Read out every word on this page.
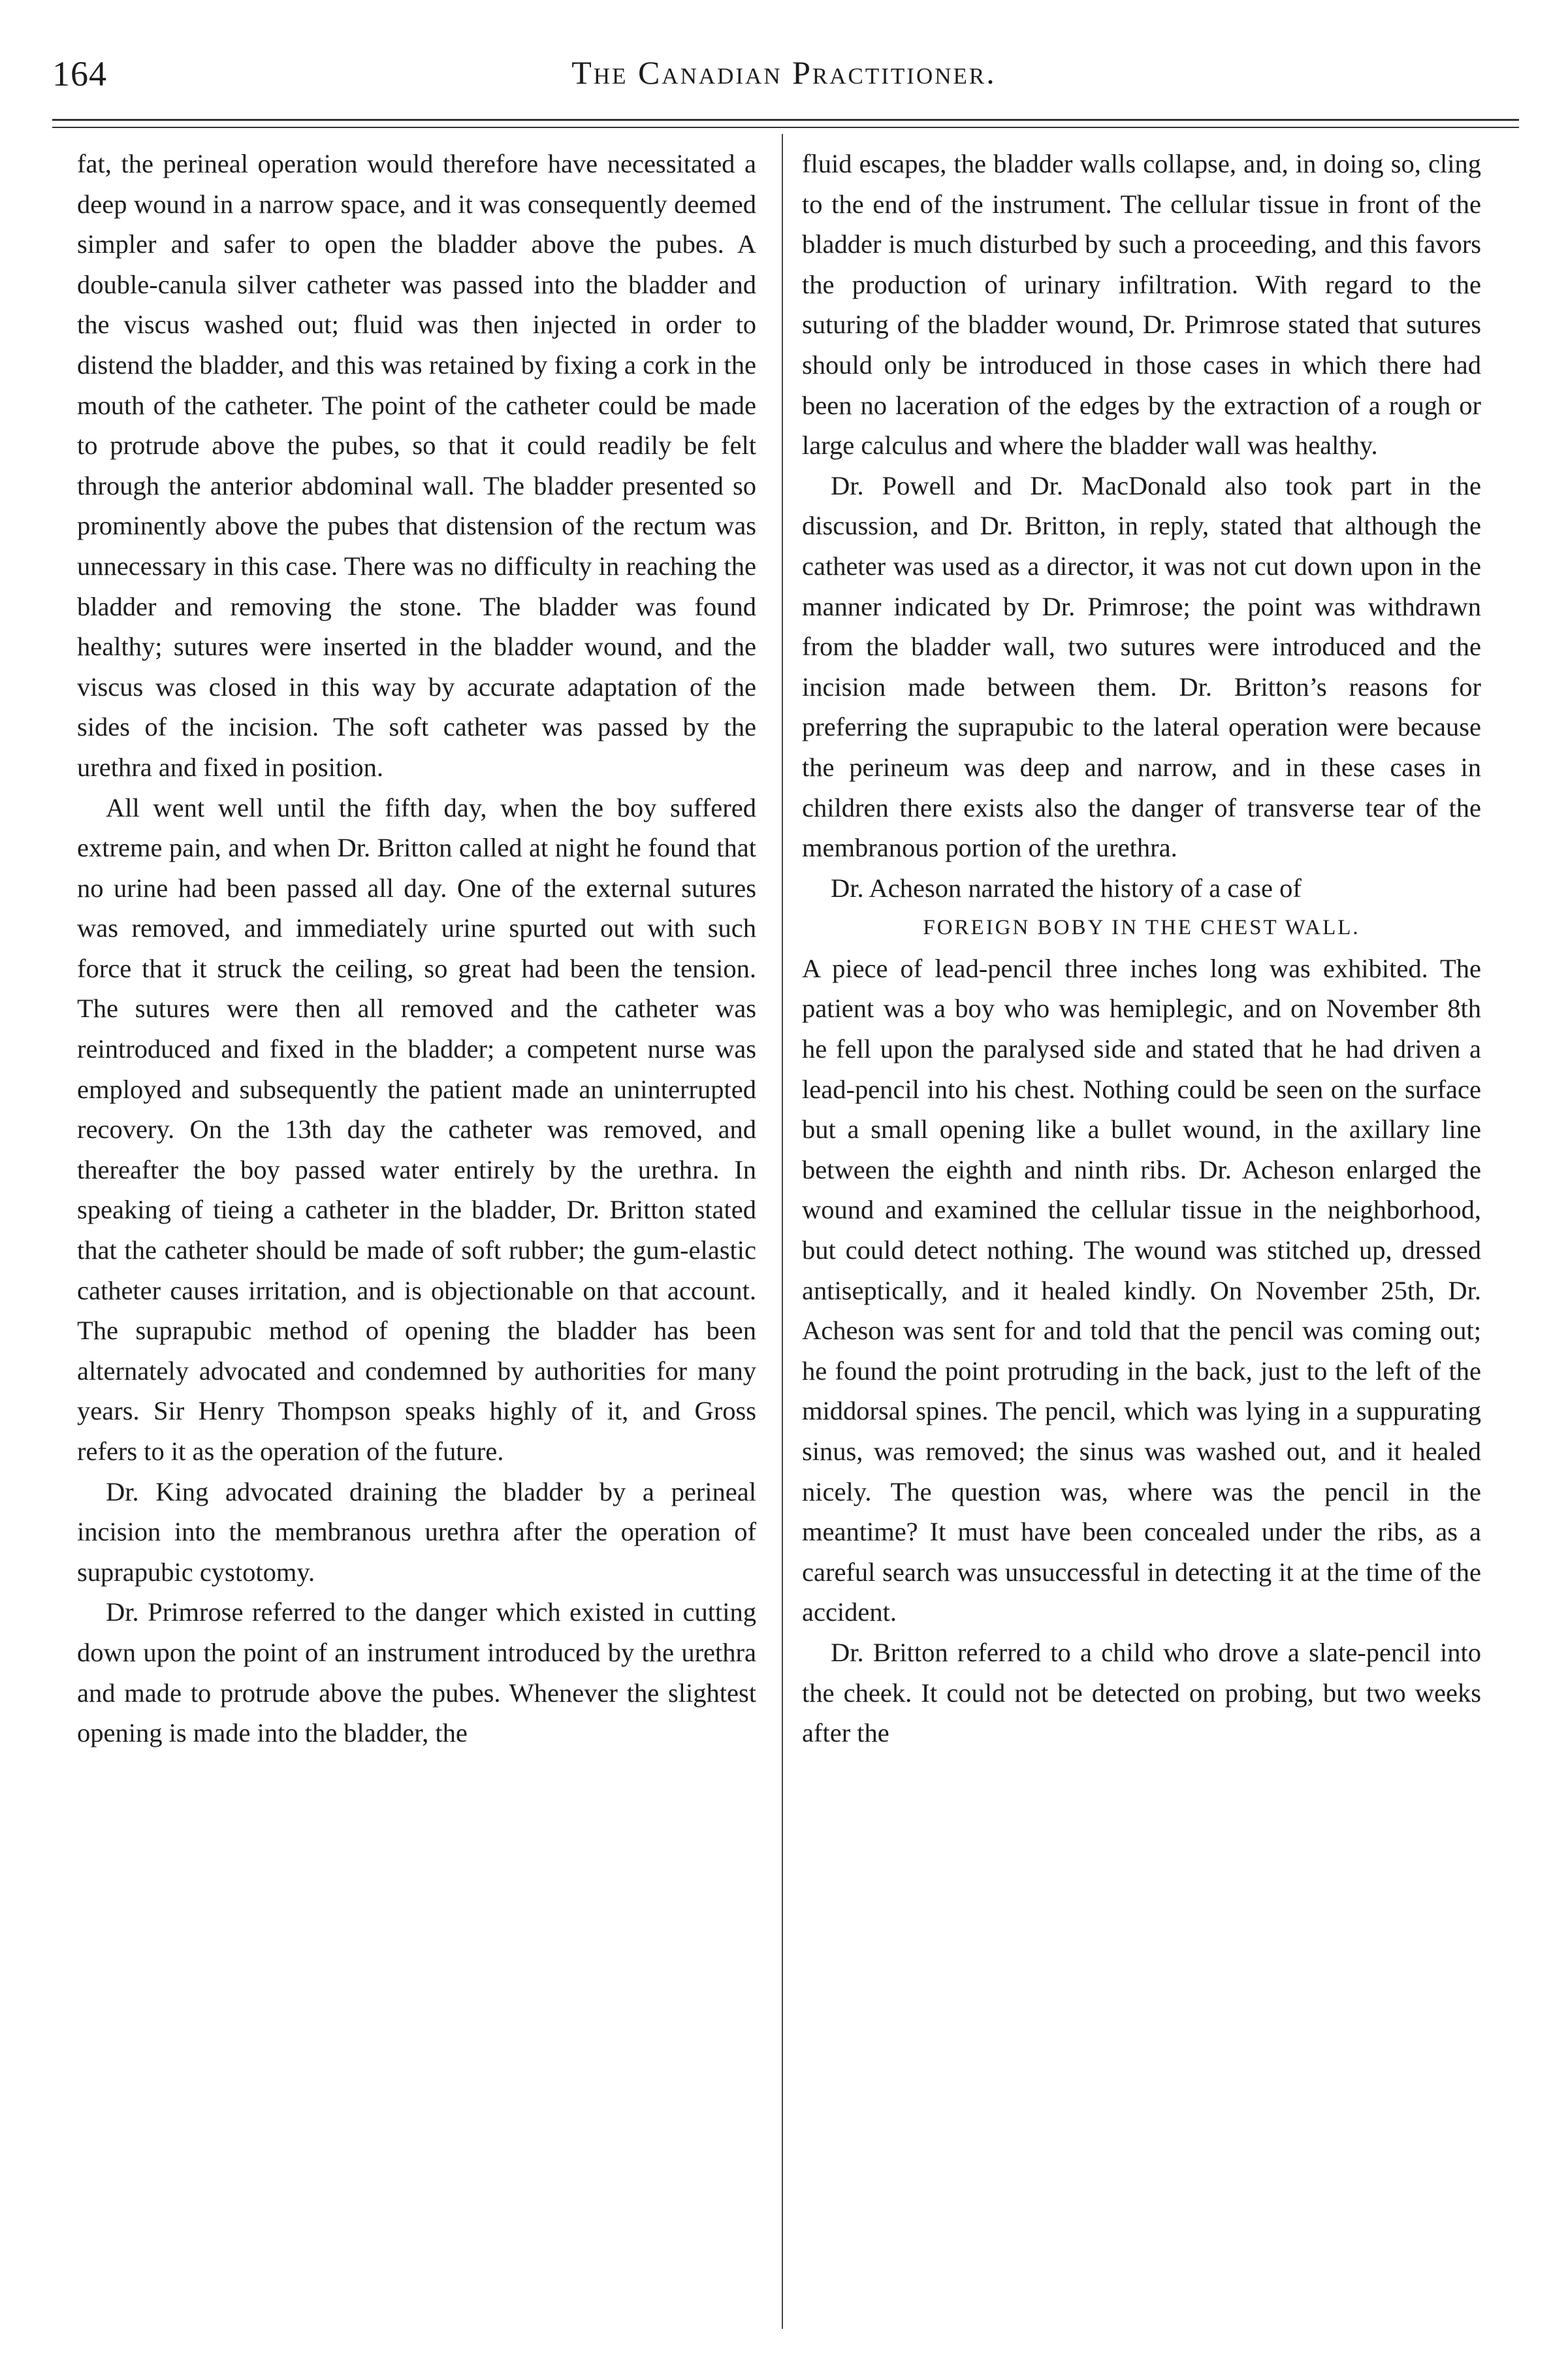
164	The Canadian Practitioner.

fat, the perineal operation would therefore have necessitated a deep wound in a narrow space, and it was consequently deemed simpler and safer to open the bladder above the pubes. A double-canula silver catheter was passed into the bladder and the viscus washed out; fluid was then injected in order to distend the bladder, and this was retained by fixing a cork in the mouth of the catheter. The point of the catheter could be made to protrude above the pubes, so that it could readily be felt through the anterior abdominal wall. The bladder presented so prominently above the pubes that distension of the rectum was unnecessary in this case. There was no difficulty in reaching the bladder and removing the stone. The bladder was found healthy; sutures were inserted in the bladder wound, and the viscus was closed in this way by accurate adaptation of the sides of the incision. The soft catheter was passed by the urethra and fixed in position.

All went well until the fifth day, when the boy suffered extreme pain, and when Dr. Britton called at night he found that no urine had been passed all day. One of the external sutures was removed, and immediately urine spurted out with such force that it struck the ceiling, so great had been the tension. The sutures were then all removed and the catheter was reintroduced and fixed in the bladder; a competent nurse was employed and subsequently the patient made an uninterrupted recovery. On the 13th day the catheter was removed, and thereafter the boy passed water entirely by the urethra. In speaking of tieing a catheter in the bladder, Dr. Britton stated that the catheter should be made of soft rubber; the gum-elastic catheter causes irritation, and is objectionable on that account. The suprapubic method of opening the bladder has been alternately advocated and condemned by authorities for many years. Sir Henry Thompson speaks highly of it, and Gross refers to it as the operation of the future.

Dr. King advocated draining the bladder by a perineal incision into the membranous urethra after the operation of suprapubic cystotomy.

Dr. Primrose referred to the danger which existed in cutting down upon the point of an instrument introduced by the urethra and made to protrude above the pubes. Whenever the slightest opening is made into the bladder, the

fluid escapes, the bladder walls collapse, and, in doing so, cling to the end of the instrument. The cellular tissue in front of the bladder is much disturbed by such a proceeding, and this favors the production of urinary infiltration. With regard to the suturing of the bladder wound, Dr. Primrose stated that sutures should only be introduced in those cases in which there had been no laceration of the edges by the extraction of a rough or large calculus and where the bladder wall was healthy.

Dr. Powell and Dr. MacDonald also took part in the discussion, and Dr. Britton, in reply, stated that although the catheter was used as a director, it was not cut down upon in the manner indicated by Dr. Primrose; the point was withdrawn from the bladder wall, two sutures were introduced and the incision made between them. Dr. Britton’s reasons for preferring the suprapubic to the lateral operation were because the perineum was deep and narrow, and in these cases in children there exists also the danger of transverse tear of the membranous portion of the urethra.

Dr. Acheson narrated the history of a case of

FOREIGN BOBY IN THE CHEST WALL.

A piece of lead-pencil three inches long was exhibited. The patient was a boy who was hemiplegic, and on November 8th he fell upon the paralysed side and stated that he had driven a lead-pencil into his chest. Nothing could be seen on the surface but a small opening like a bullet wound, in the axillary line between the eighth and ninth ribs. Dr. Acheson enlarged the wound and examined the cellular tissue in the neighborhood, but could detect nothing. The wound was stitched up, dressed antiseptically, and it healed kindly. On November 25th, Dr. Acheson was sent for and told that the pencil was coming out; he found the point protruding in the back, just to the left of the middorsal spines. The pencil, which was lying in a suppurating sinus, was removed; the sinus was washed out, and it healed nicely. The question was, where was the pencil in the meantime? It must have been concealed under the ribs, as a careful search was unsuccessful in detecting it at the time of the accident.

Dr. Britton referred to a child who drove a slate-pencil into the cheek. It could not be detected on probing, but two weeks after the
